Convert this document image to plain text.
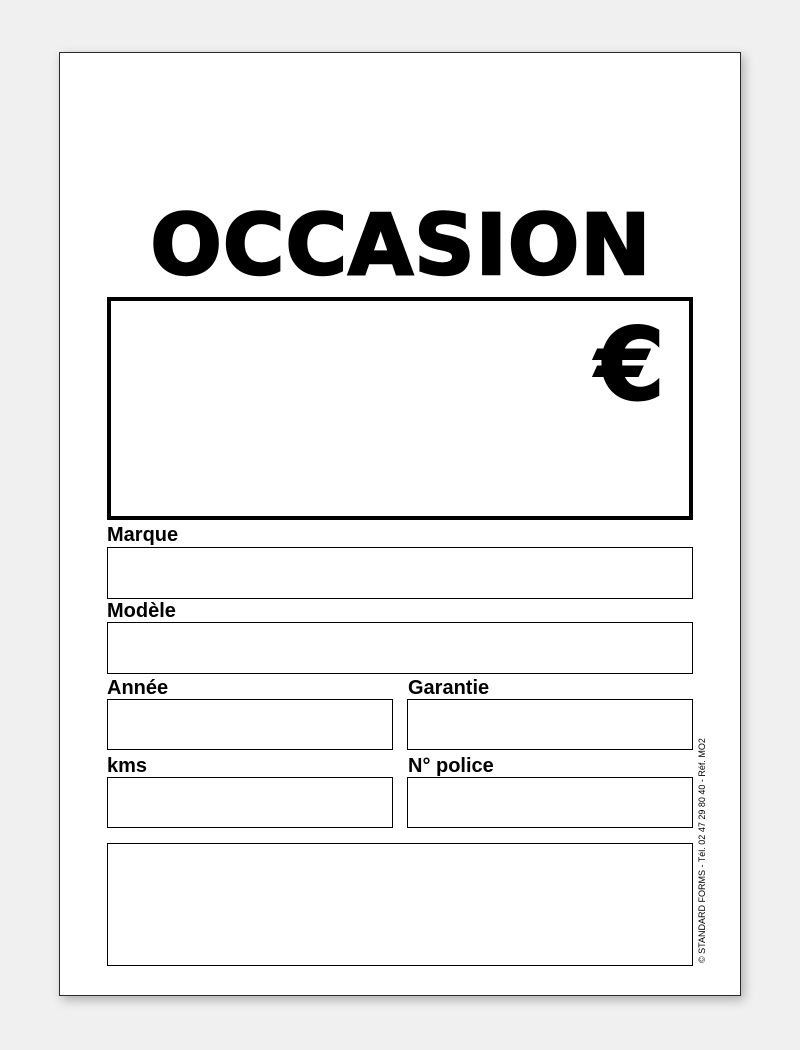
OCCASION
€
Marque
Modèle
Année	Garantie
kms	N° police	© STANDARD FORMS - Tél. 02 47 29 80 40 - Réf. MO2
